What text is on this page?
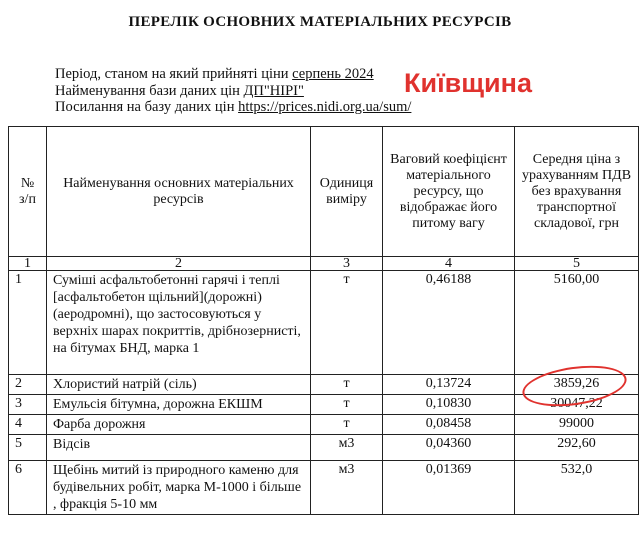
ПЕРЕЛІК ОСНОВНИХ МАТЕРІАЛЬНИХ РЕСУРСІВ
Період, станом на який прийняті ціни серпень 2024
Найменування бази даних цін ДП"НІРІ"
Посилання на базу даних цін https://prices.nidi.org.ua/sum/
Київщина
№ з/п	Найменування основних матеріальних ресурсів	Одиниця виміру	Ваговий коефіцієнт матеріального ресурсу, що відображає його питому вагу	Середня ціна з урахуванням ПДВ без врахування транспортної складової, грн
1	2	3	4	5
1	Суміші асфальтобетонні гарячі і теплі [асфальтобетон щільний](дорожні)(аеродромні), що застосовуються у верхніх шарах покриттів, дрібнозернисті, на бітумах БНД, марка 1	т	0,46188	5160,00
2	Хлористий натрій (сіль)	т	0,13724	3859,26
3	Емульсія бітумна, дорожна ЕКШМ	т	0,10830	30047,22
4	Фарба дорожня	т	0,08458	99000
5	Відсів	м3	0,04360	292,60
6	Щебінь митий із природного каменю для будівельних робіт, марка М-1000 і більше , фракція 5-10 мм	м3	0,01369	532,0
